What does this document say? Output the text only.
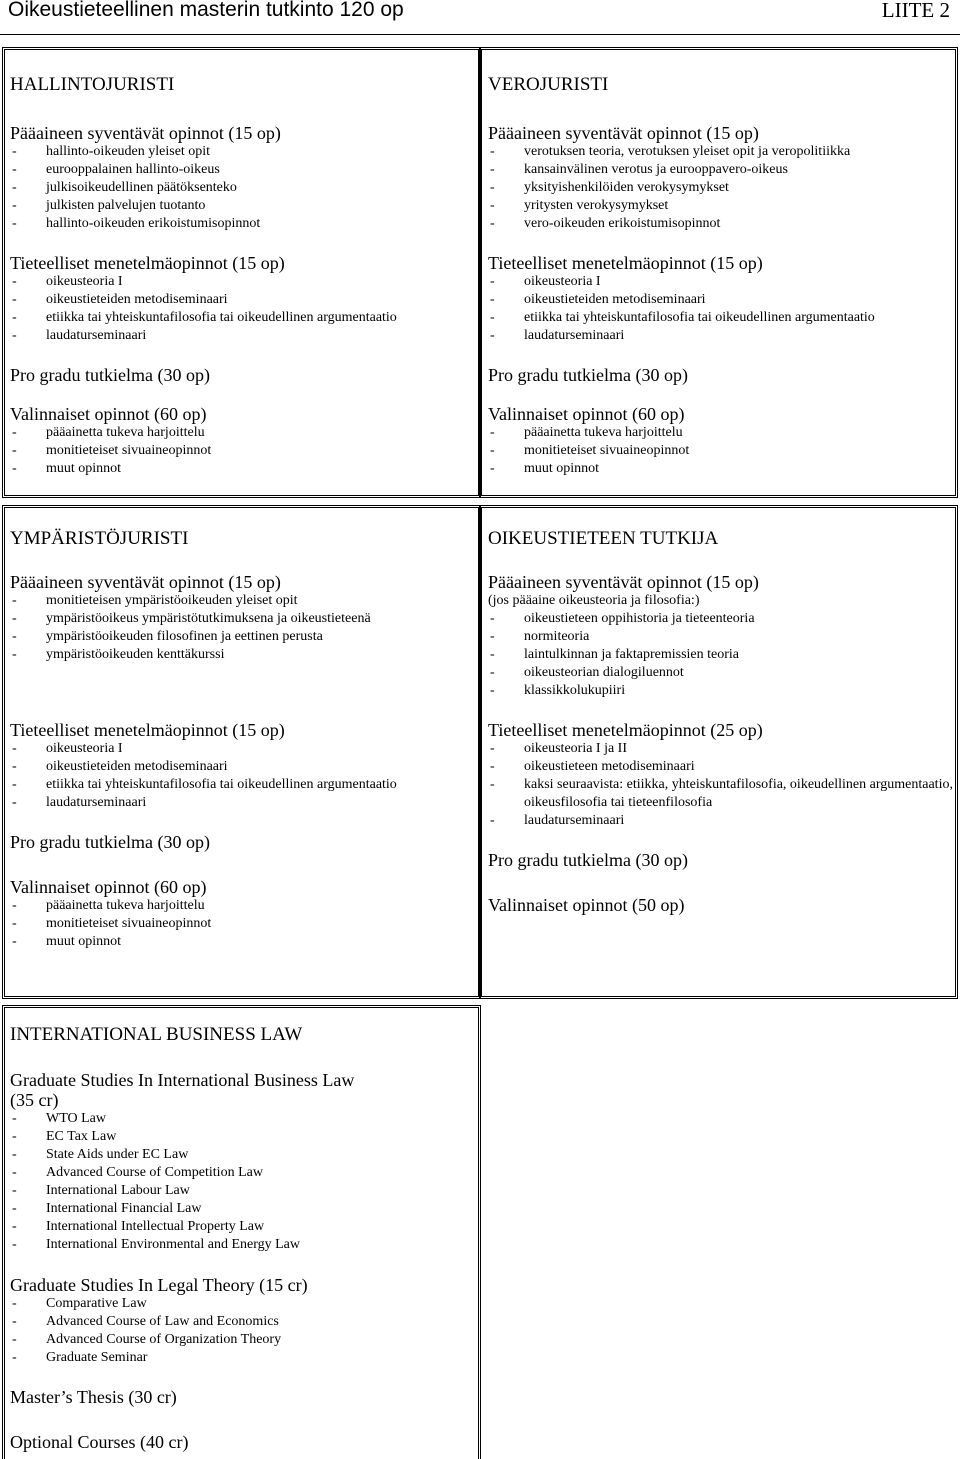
Oikeustieteellinen masterin tutkinto 120 op	LIITE 2
HALLINTOJURISTI
Pääaineen syventävät opinnot (15 op)
-	hallinto-oikeuden yleiset opit
-	eurooppalainen hallinto-oikeus
-	julkisoikeudellinen päätöksenteko
-	julkisten palvelujen tuotanto
-	hallinto-oikeuden erikoistumisopinnot
Tieteelliset menetelmäopinnot (15 op)
-	oikeusteoria I
-	oikeustieteiden metodiseminaari
-	etiikka tai yhteiskuntafilosofia tai oikeudellinen argumentaatio
-	laudaturseminaari
Pro gradu tutkielma (30 op)
Valinnaiset opinnot (60 op)
-	pääainetta tukeva harjoittelu
-	monitieteiset sivuaineopinnot
-	muut opinnot
VEROJURISTI
Pääaineen syventävät opinnot (15 op)
-	verotuksen teoria, verotuksen yleiset opit ja veropolitiikka
-	kansainvälinen verotus ja eurooppavero-oikeus
-	yksityishenkilöiden verokysymykset
-	yritysten verokysymykset
-	vero-oikeuden erikoistumisopinnot
Tieteelliset menetelmäopinnot (15 op)
-	oikeusteoria I
-	oikeustieteiden metodiseminaari
-	etiikka tai yhteiskuntafilosofia tai oikeudellinen argumentaatio
-	laudaturseminaari
Pro gradu tutkielma (30 op)
Valinnaiset opinnot (60 op)
-	pääainetta tukeva harjoittelu
-	monitieteiset sivuaineopinnot
-	muut opinnot
YMPÄRISTÖJURISTI
Pääaineen syventävät opinnot (15 op)
-	monitieteisen ympäristöoikeuden yleiset opit
-	ympäristöoikeus ympäristötutkimuksena ja oikeustieteenä
-	ympäristöoikeuden filosofinen ja eettinen perusta
-	ympäristöoikeuden kenttäkurssi
Tieteelliset menetelmäopinnot (15 op)
-	oikeusteoria I
-	oikeustieteiden metodiseminaari
-	etiikka tai yhteiskuntafilosofia tai oikeudellinen argumentaatio
-	laudaturseminaari
Pro gradu tutkielma (30 op)
Valinnaiset opinnot (60 op)
-	pääainetta tukeva harjoittelu
-	monitieteiset sivuaineopinnot
-	muut opinnot
OIKEUSTIETEEN TUTKIJA
Pääaineen syventävät opinnot (15 op)
(jos pääaine oikeusteoria ja filosofia:)
-	oikeustieteen oppihistoria ja tieteenteoria
-	normiteoria
-	laintulkinnan ja faktapremissien teoria
-	oikeusteorian dialogiluennot
-	klassikkolukupiiri
Tieteelliset menetelmäopinnot (25 op)
-	oikeusteoria I ja II
-	oikeustieteen metodiseminaari
-	kaksi seuraavista: etiikka, yhteiskuntafilosofia, oikeudellinen argumentaatio, oikeusfilosofia tai tieteenfilosofia
-	laudaturseminaari
Pro gradu tutkielma (30 op)
Valinnaiset opinnot (50 op)
INTERNATIONAL BUSINESS LAW
Graduate Studies In International Business Law
(35 cr)
-	WTO Law
-	EC Tax Law
-	State Aids under EC Law
-	Advanced Course of Competition Law
-	International Labour Law
-	International Financial Law
-	International Intellectual Property Law
-	International Environmental and Energy Law
Graduate Studies In Legal Theory (15 cr)
-	Comparative Law
-	Advanced Course of Law and Economics
-	Advanced Course of Organization Theory
-	Graduate Seminar
Master’s Thesis (30 cr)
Optional Courses (40 cr)
